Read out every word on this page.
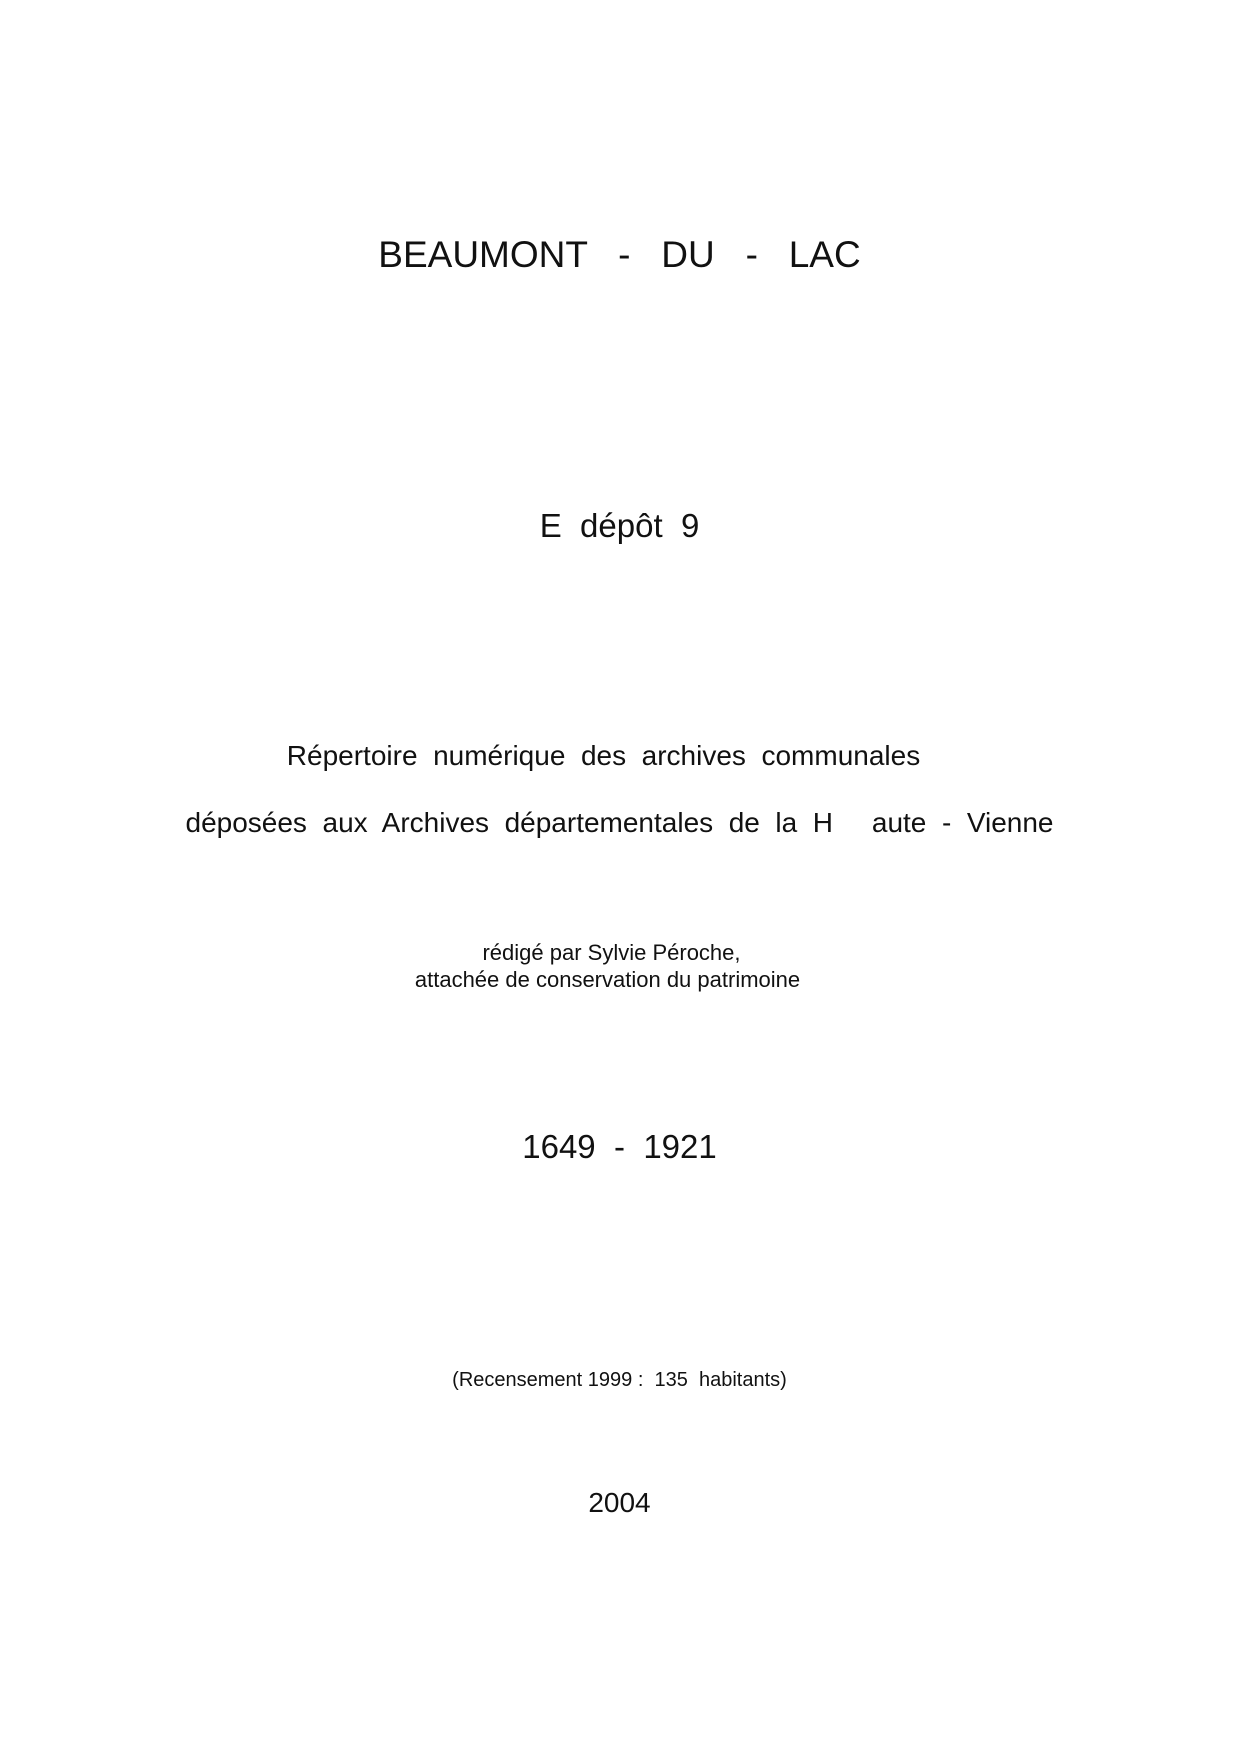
BEAUMONT   -   DU   -   LAC
E  dépôt  9
Répertoire  numérique  des  archives  communales
déposées  aux  Archives  départementales  de  la  H     aute  -  Vienne
rédigé par Sylvie Péroche,
attachée de conservation du patrimoine
1649  -  1921
(Recensement 1999 :  135  habitants)
2004
